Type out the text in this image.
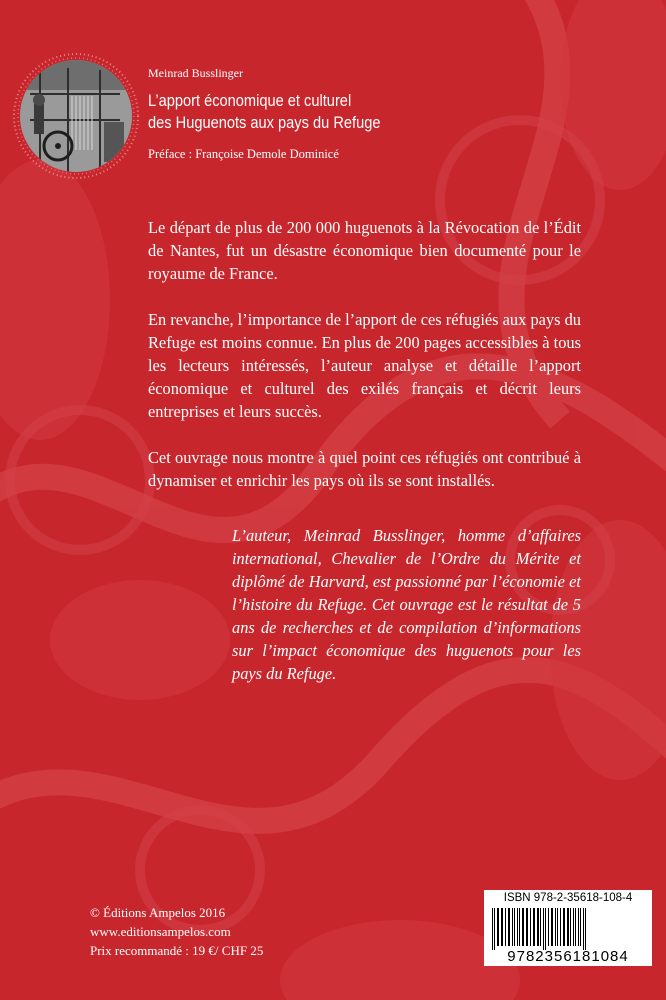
Meinrad Busslinger
L’apport économique et culturel
des Huguenots aux pays du Refuge
Préface : Françoise Demole Dominicé

Le départ de plus de 200 000 huguenots à la Révocation de l’Édit de Nantes, fut un désastre économique bien documenté pour le royaume de France.

En revanche, l’importance de l’apport de ces réfugiés aux pays du Refuge est moins connue. En plus de 200 pages accessibles à tous les lecteurs intéressés, l’auteur analyse et détaille l’apport économique et culturel des exilés français et décrit leurs entreprises et leurs succès.

Cet ouvrage nous montre à quel point ces réfugiés ont contribué à dynamiser et enrichir les pays où ils se sont installés.

L’auteur, Meinrad Busslinger, homme d’affaires international, Chevalier de l’Ordre du Mérite et diplômé de Harvard, est passionné par l’économie et l’histoire du Refuge. Cet ouvrage est le résultat de 5 ans de recherches et de compilation d’informations sur l’impact économique des huguenots pour les pays du Refuge.
© Éditions Ampelos 2016
www.editionsampelos.com
Prix recommandé : 19 €/ CHF 25
ISBN 978-2-35618-108-4
9782356181084
